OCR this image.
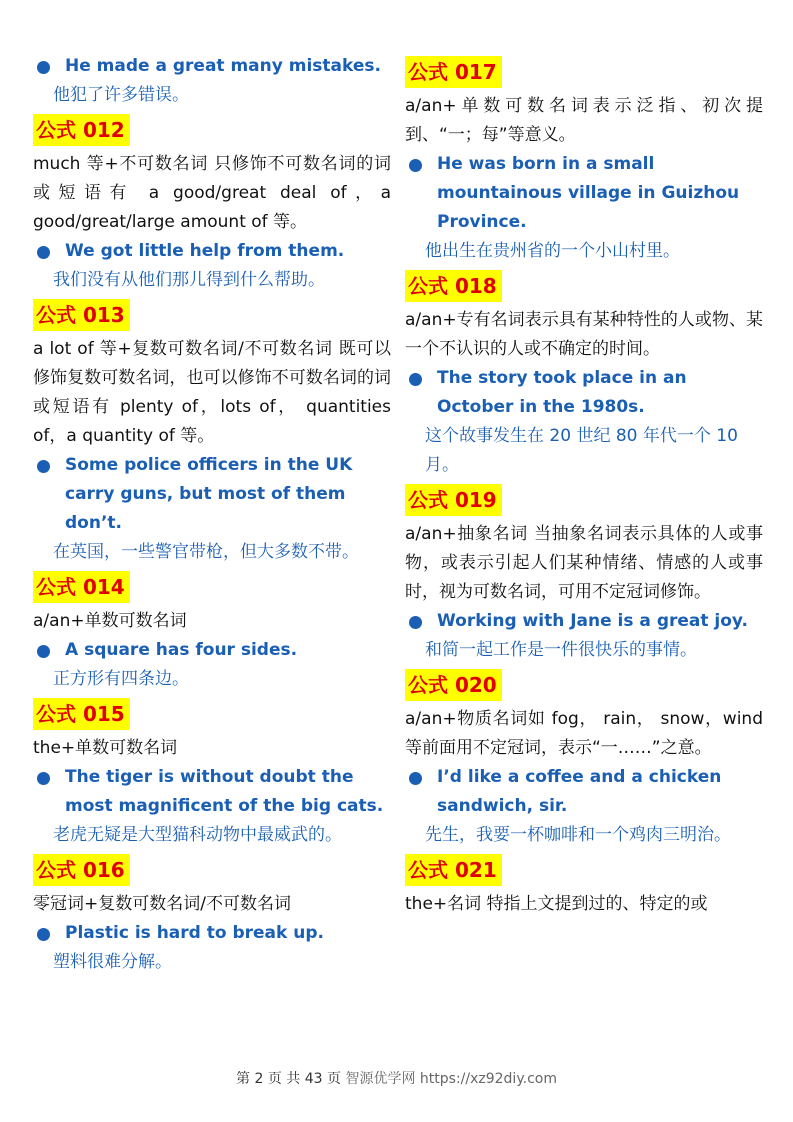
He made a great many mistakes.

他犯了许多错误。

公式 012

much 等+不可数名词 只修饰不可数名词的词或短语有 a good/great deal of，a good/great/large amount of 等。

We got little help from them.

我们没有从他们那儿得到什么帮助。

公式 013

a lot of 等+复数可数名词/不可数名词 既可以修饰复数可数名词，也可以修饰不可数名词的词或短语有 plenty of，lots of， quantities of，a quantity of 等。

Some police officers in the UK carry guns, but most of them don’t.

在英国，一些警官带枪，但大多数不带。

公式 014

a/an+单数可数名词

A square has four sides.

正方形有四条边。

公式 015

the+单数可数名词

The tiger is without doubt the most magnificent of the big cats.

老虎无疑是大型猫科动物中最威武的。

公式 016

零冠词+复数可数名词/不可数名词

Plastic is hard to break up.

塑料很难分解。

公式 017

a/an+单数可数名词表示泛指、初次提到、“一；每”等意义。

He was born in a small mountainous village in Guizhou Province.

他出生在贵州省的一个小山村里。

公式 018

a/an+专有名词表示具有某种特性的人或物、某一个不认识的人或不确定的时间。

The story took place in an October in the 1980s.

这个故事发生在 20 世纪 80 年代一个 10 月。

公式 019

a/an+抽象名词 当抽象名词表示具体的人或事物，或表示引起人们某种情绪、情感的人或事时，视为可数名词，可用不定冠词修饰。

Working with Jane is a great joy.

和简一起工作是一件很快乐的事情。

公式 020

a/an+物质名词如 fog， rain， snow，wind 等前面用不定冠词，表示“一……”之意。

I’d like a coffee and a chicken sandwich, sir.

先生，我要一杯咖啡和一个鸡肉三明治。

公式 021

the+名词 特指上文提到过的、特定的或

第 2 页 共 43 页 智源优学网 https://xz92diy.com
